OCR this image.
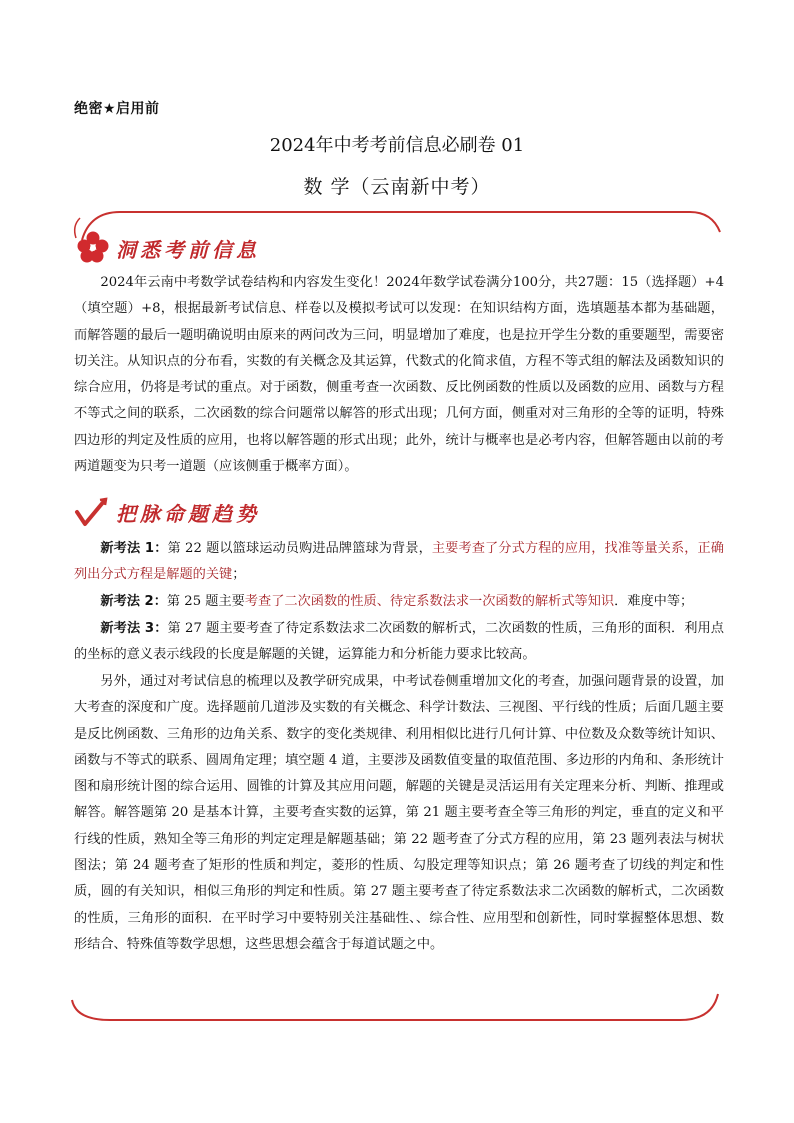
绝密★启用前
2024年中考考前信息必刷卷 01
数 学（云南新中考）
洞悉考前信息

2024年云南中考数学试卷结构和内容发生变化！2024年数学试卷满分100分，共27题：15（选择题）+4（填空题）+8，根据最新考试信息、样卷以及模拟考试可以发现：在知识结构方面，选填题基本都为基础题，而解答题的最后一题明确说明由原来的两问改为三问，明显增加了难度，也是拉开学生分数的重要题型，需要密切关注。从知识点的分布看，实数的有关概念及其运算，代数式的化简求值，方程不等式组的解法及函数知识的综合应用，仍将是考试的重点。对于函数，侧重考查一次函数、反比例函数的性质以及函数的应用、函数与方程不等式之间的联系，二次函数的综合问题常以解答的形式出现；几何方面，侧重对对三角形的全等的证明，特殊四边形的判定及性质的应用，也将以解答题的形式出现；此外，统计与概率也是必考内容，但解答题由以前的考两道题变为只考一道题（应该侧重于概率方面）。

把脉命题趋势

新考法 1：第 22 题以篮球运动员购进品牌篮球为背景，主要考查了分式方程的应用，找准等量关系，正确列出分式方程是解题的关键；

新考法 2：第 25 题主要考查了二次函数的性质、待定系数法求一次函数的解析式等知识．难度中等；

新考法 3：第 27 题主要考查了待定系数法求二次函数的解析式，二次函数的性质，三角形的面积．利用点的坐标的意义表示线段的长度是解题的关键，运算能力和分析能力要求比较高。

另外，通过对考试信息的梳理以及教学研究成果，中考试卷侧重增加文化的考查，加强问题背景的设置，加大考查的深度和广度。选择题前几道涉及实数的有关概念、科学计数法、三视图、平行线的性质；后面几题主要是反比例函数、三角形的边角关系、数字的变化类规律、利用相似比进行几何计算、中位数及众数等统计知识、函数与不等式的联系、圆周角定理；填空题 4 道，主要涉及函数值变量的取值范围、多边形的内角和、条形统计图和扇形统计图的综合运用、圆锥的计算及其应用问题，解题的关键是灵活运用有关定理来分析、判断、推理或解答。解答题第 20 是基本计算，主要考查实数的运算，第 21 题主要考查全等三角形的判定，垂直的定义和平行线的性质，熟知全等三角形的判定定理是解题基础；第 22 题考查了分式方程的应用，第 23 题列表法与树状图法；第 24 题考查了矩形的性质和判定，菱形的性质、勾股定理等知识点；第 26 题考查了切线的判定和性质，圆的有关知识，相似三角形的判定和性质。第 27 题主要考查了待定系数法求二次函数的解析式，二次函数的性质，三角形的面积．在平时学习中要特别关注基础性、、综合性、应用型和创新性，同时掌握整体思想、数形结合、特殊值等数学思想，这些思想会蕴含于每道试题之中。
